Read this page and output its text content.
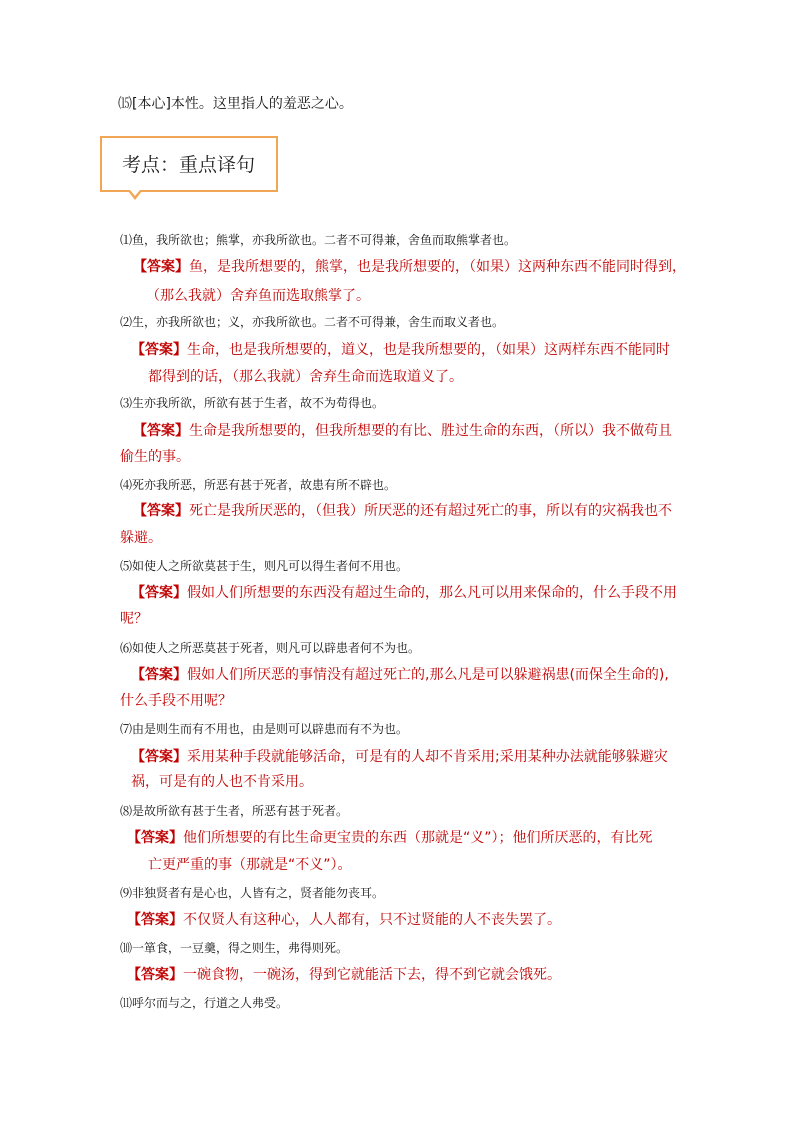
⒂[本心]本性。这里指人的羞恶之心。
考点：重点译句
⑴鱼，我所欲也；熊掌，亦我所欲也。二者不可得兼，舍鱼而取熊掌者也。
【答案】鱼，是我所想要的，熊掌，也是我所想要的，（如果）这两种东西不能同时得到，
（那么我就）舍弃鱼而选取熊掌了。
⑵生，亦我所欲也；义，亦我所欲也。二者不可得兼，舍生而取义者也。
【答案】生命，也是我所想要的，道义，也是我所想要的，（如果）这两样东西不能同时
都得到的话，（那么我就）舍弃生命而选取道义了。
⑶生亦我所欲，所欲有甚于生者，故不为苟得也。
【答案】生命是我所想要的，但我所想要的有比、胜过生命的东西，（所以）我不做苟且
偷生的事。
⑷死亦我所恶，所恶有甚于死者，故患有所不辟也。
【答案】死亡是我所厌恶的，（但我）所厌恶的还有超过死亡的事，所以有的灾祸我也不
躲避。
⑸如使人之所欲莫甚于生，则凡可以得生者何不用也。
【答案】假如人们所想要的东西没有超过生命的，那么凡可以用来保命的，什么手段不用
呢？
⑹如使人之所恶莫甚于死者，则凡可以辟患者何不为也。
【答案】假如人们所厌恶的事情没有超过死亡的,那么凡是可以躲避祸患(而保全生命的),
什么手段不用呢？
⑺由是则生而有不用也，由是则可以辟患而有不为也。
【答案】采用某种手段就能够活命，可是有的人却不肯采用;采用某种办法就能够躲避灾
祸，可是有的人也不肯采用。
⑻是故所欲有甚于生者，所恶有甚于死者。
【答案】他们所想要的有比生命更宝贵的东西（那就是“义”）；他们所厌恶的，有比死
亡更严重的事（那就是“不义”）。
⑼非独贤者有是心也，人皆有之，贤者能勿丧耳。
【答案】不仅贤人有这种心，人人都有，只不过贤能的人不丧失罢了。
⑽一箪食，一豆羹，得之则生，弗得则死。
【答案】一碗食物，一碗汤，得到它就能活下去，得不到它就会饿死。
⑾呼尔而与之，行道之人弗受。
